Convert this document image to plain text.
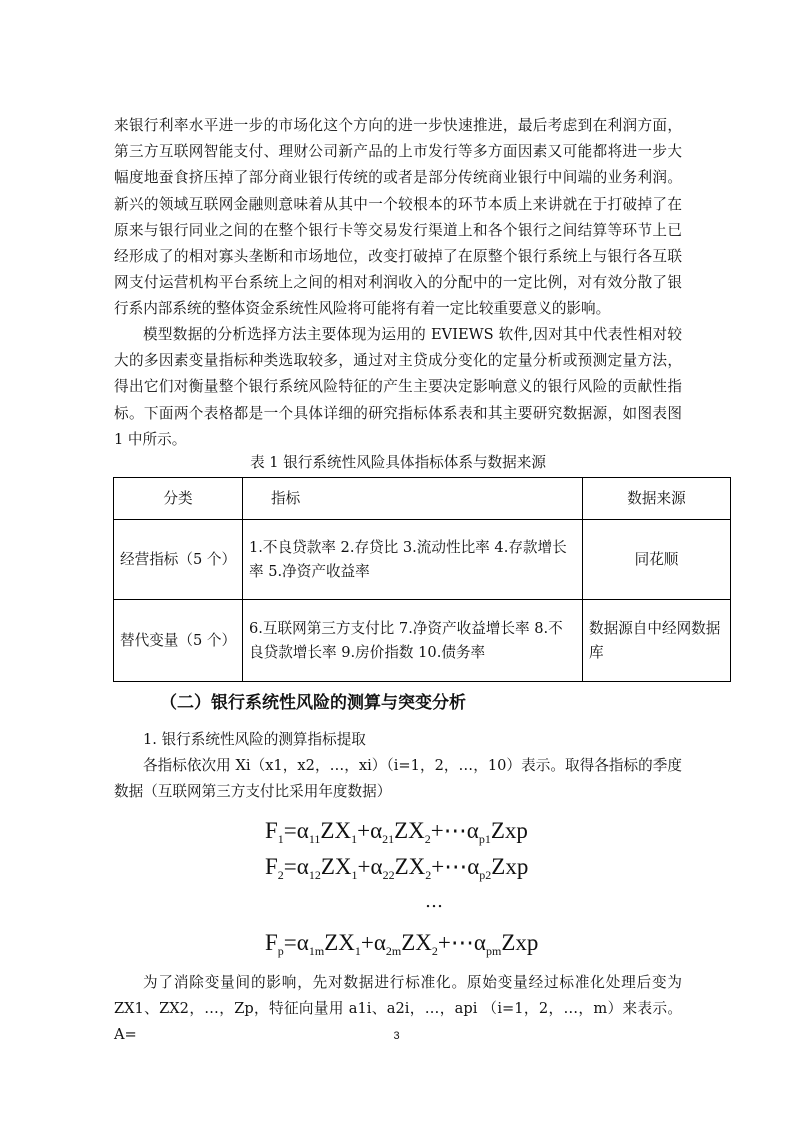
来银行利率水平进一步的市场化这个方向的进一步快速推进，最后考虑到在利润方面，第三方互联网智能支付、理财公司新产品的上市发行等多方面因素又可能都将进一步大幅度地蚕食挤压掉了部分商业银行传统的或者是部分传统商业银行中间端的业务利润。新兴的领域互联网金融则意味着从其中一个较根本的环节本质上来讲就在于打破掉了在原来与银行同业之间的在整个银行卡等交易发行渠道上和各个银行之间结算等环节上已经形成了的相对寡头垄断和市场地位，改变打破掉了在原整个银行系统上与银行各互联网支付运营机构平台系统上之间的相对利润收入的分配中的一定比例，对有效分散了银行系内部系统的整体资金系统性风险将可能将有着一定比较重要意义的影响。

模型数据的分析选择方法主要体现为运用的 EVIEWS 软件,因对其中代表性相对较大的多因素变量指标种类选取较多，通过对主贷成分变化的定量分析或预测定量方法，得出它们对衡量整个银行系统风险特征的产生主要决定影响意义的银行风险的贡献性指标。下面两个表格都是一个具体详细的研究指标体系表和其主要研究数据源，如图表图 1 中所示。

表 1 银行系统性风险具体指标体系与数据来源
分类	指标	数据来源
经营指标（5 个）	1.不良贷款率 2.存贷比 3.流动性比率 4.存款增长率 5.净资产收益率	同花顺
替代变量（5 个）	6.互联网第三方支付比 7.净资产收益增长率 8.不良贷款增长率 9.房价指数 10.债务率	数据源自中经网数据库
（二）银行系统性风险的测算与突变分析

1. 银行系统性风险的测算指标提取

各指标依次用 Xi（x1，x2，…，xi）（i=1，2，…，10）表示。取得各指标的季度数据（互联网第三方支付比采用年度数据）

$F_1=\alpha_{11}ZX_1+\alpha_{21}ZX_2+\cdots\alpha_{p1}Zxp$
$F_2=\alpha_{12}ZX_1+\alpha_{22}ZX_2+\cdots\alpha_{p2}Zxp$
…
$F_p=\alpha_{1m}ZX_1+\alpha_{2m}ZX_2+\cdots\alpha_{pm}Zxp$

为了消除变量间的影响，先对数据进行标准化。原始变量经过标准化处理后变为 ZX1、ZX2，…，Zp，特征向量用 a1i、a2i，…，api （i=1，2，…，m）来表示。A=	3
